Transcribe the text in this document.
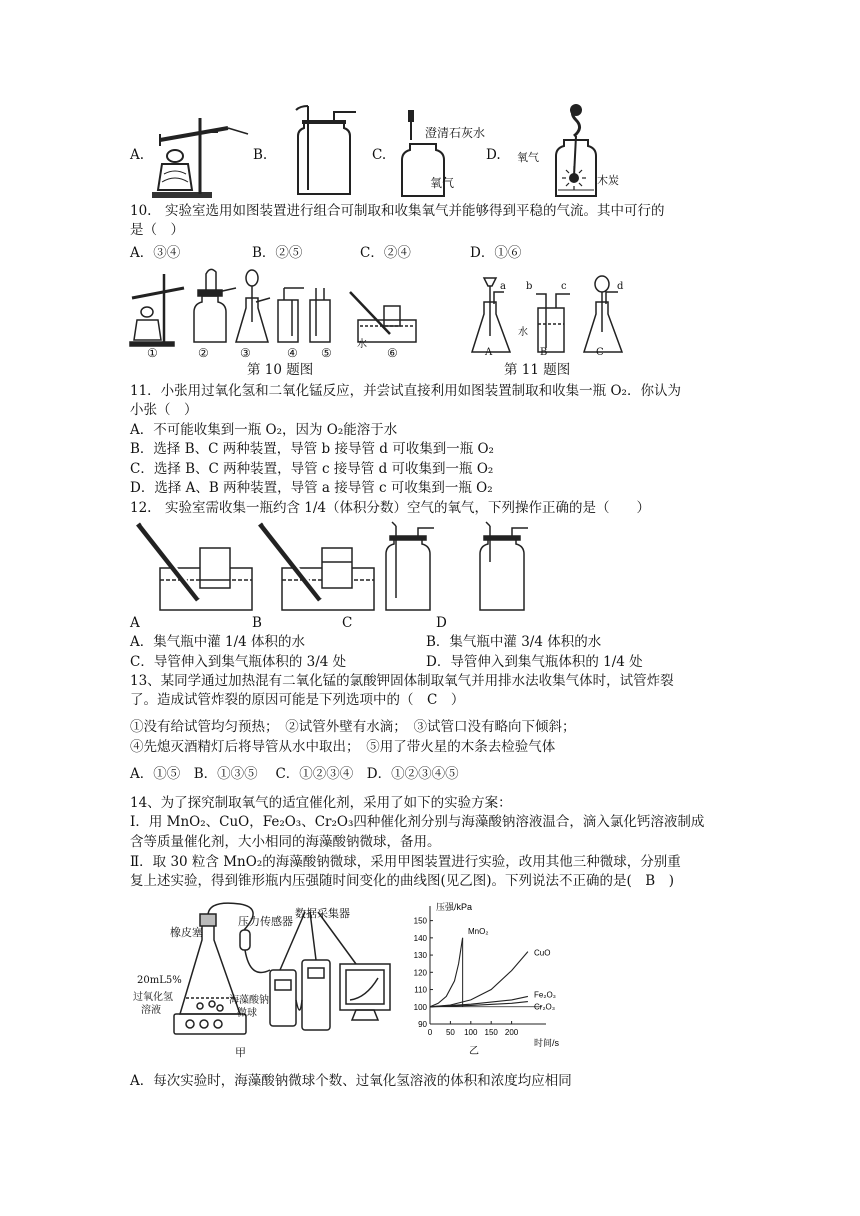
A.	B.	C.
澄清石灰水
氧气
D. 氧气
木炭
10.　实验室选用如图装置进行组合可制取和收集氧气并能够得到平稳的气流。其中可行的
是（　）
A．③④	B．②⑤	C．②④	D．①⑥
水
①	②	③	④ ⑤	⑥
第 10 题图
a b	c	d
水
A	B	C
第 11 题图
11．小张用过氧化氢和二氧化锰反应，并尝试直接利用如图装置制取和收集一瓶 O₂．你认为
小张（　）
A．不可能收集到一瓶 O₂，因为 O₂能溶于水
B．选择 B、C 两种装置，导管 b 接导管 d 可收集到一瓶 O₂
C．选择 B、C 两种装置，导管 c 接导管 d 可收集到一瓶 O₂
D．选择 A、B 两种装置，导管 a 接导管 c 可收集到一瓶 O₂
12.　实验室需收集一瓶约含 1/4（体积分数）空气的氧气，下列操作正确的是（　　）
A	B	C	D
A．集气瓶中灌 1/4 体积的水	B．集气瓶中灌 3/4 体积的水
C．导管伸入到集气瓶体积的 3/4 处	D．导管伸入到集气瓶体积的 1/4 处
13、某同学通过加热混有二氧化锰的氯酸钾固体制取氧气并用排水法收集气体时，试管炸裂
了。造成试管炸裂的原因可能是下列选项中的（　C　）
①没有给试管均匀预热；　②试管外壁有水滴；　③试管口没有略向下倾斜；
④先熄灭酒精灯后将导管从水中取出；　⑤用了带火星的木条去检验气体
A．①⑤　B．①③⑤　 C．①②③④　D．①②③④⑤
14、为了探究制取氧气的适宜催化剂，采用了如下的实验方案：
Ⅰ．用 MnO₂、CuO，Fe₂O₃、Cr₂O₃四种催化剂分别与海藻酸钠溶液温合，滴入氯化钙溶液制成
含等质量催化剂，大小相同的海藻酸钠微球，备用。
Ⅱ．取 30 粒含 MnO₂的海藻酸钠微球，采用甲图装置进行实验，改用其他三种微球，分别重
复上述实验，得到锥形瓶内压强随时间变化的曲线图(见乙图)。下列说法不正确的是(　B　)
橡皮塞
压力传感器
数据采集器
20mL5%
过氧化氢
溶液
海藻酸钠
微球
甲
压强/kPa
时间/s
150
140
130
120
110
100
90
0 50 100 150 200
MnO₂
CuO
Fe₂O₃
Cr₂O₃
乙
A．每次实验时，海藻酸钠微球个数、过氧化氢溶液的体积和浓度均应相同
